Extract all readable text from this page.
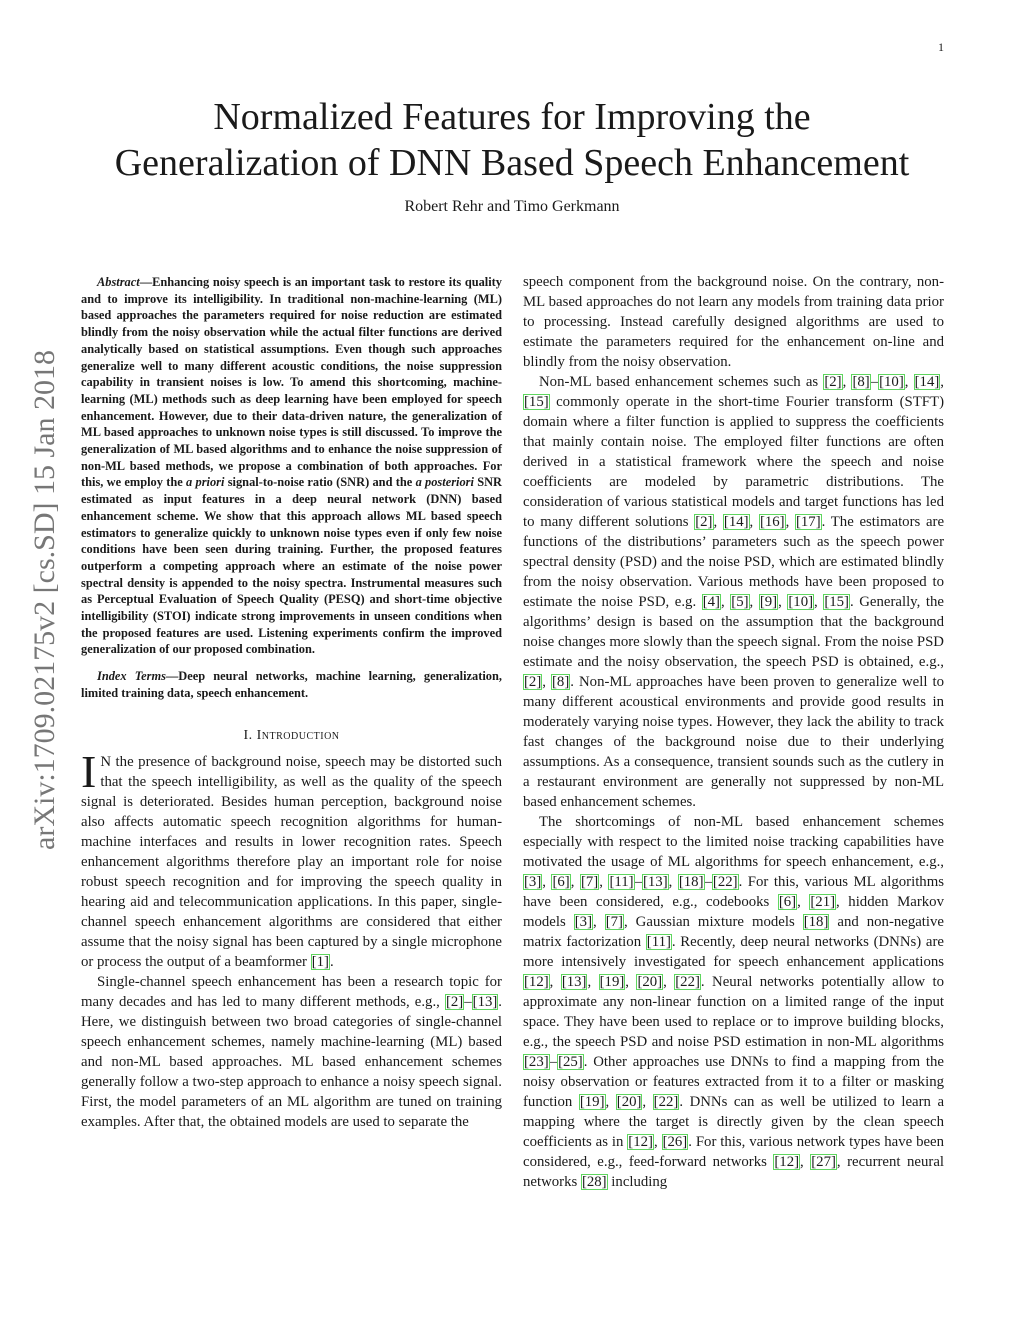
1
arXiv:1709.02175v2 [cs.SD] 15 Jan 2018
Normalized Features for Improving the
Generalization of DNN Based Speech Enhancement
Robert Rehr and Timo Gerkmann

Abstract—Enhancing noisy speech is an important task to restore its quality and to improve its intelligibility. In traditional non-machine-learning (ML) based approaches the parameters required for noise reduction are estimated blindly from the noisy observation while the actual filter functions are derived analytically based on statistical assumptions. Even though such approaches generalize well to many different acoustic conditions, the noise suppression capability in transient noises is low. To amend this shortcoming, machine-learning (ML) methods such as deep learning have been employed for speech enhancement. However, due to their data-driven nature, the generalization of ML based approaches to unknown noise types is still discussed. To improve the generalization of ML based algorithms and to enhance the noise suppression of non-ML based methods, we propose a combination of both approaches. For this, we employ the a priori signal-to-noise ratio (SNR) and the a posteriori SNR estimated as input features in a deep neural network (DNN) based enhancement scheme. We show that this approach allows ML based speech estimators to generalize quickly to unknown noise types even if only few noise conditions have been seen during training. Further, the proposed features outperform a competing approach where an estimate of the noise power spectral density is appended to the noisy spectra. Instrumental measures such as Perceptual Evaluation of Speech Quality (PESQ) and short-time objective intelligibility (STOI) indicate strong improvements in unseen conditions when the proposed features are used. Listening experiments confirm the improved generalization of our proposed combination.

Index Terms—Deep neural networks, machine learning, generalization, limited training data, speech enhancement.

I. Introduction

I N the presence of background noise, speech may be distorted such that the speech intelligibility, as well as the quality of the speech signal is deteriorated. Besides human perception, background noise also affects automatic speech recognition algorithms for human-machine interfaces and results in lower recognition rates. Speech enhancement algorithms therefore play an important role for noise robust speech recognition and for improving the speech quality in hearing aid and telecommunication applications. In this paper, single-channel speech enhancement algorithms are considered that either assume that the noisy signal has been captured by a single microphone or process the output of a beamformer [1].

Single-channel speech enhancement has been a research topic for many decades and has led to many different methods, e.g., [2]–[13]. Here, we distinguish between two broad categories of single-channel speech enhancement schemes, namely machine-learning (ML) based and non-ML based approaches. ML based enhancement schemes generally follow a two-step approach to enhance a noisy speech signal. First, the model parameters of an ML algorithm are tuned on training examples. After that, the obtained models are used to separate the

speech component from the background noise. On the contrary, non-ML based approaches do not learn any models from training data prior to processing. Instead carefully designed algorithms are used to estimate the parameters required for the enhancement on-line and blindly from the noisy observation.

Non-ML based enhancement schemes such as [2], [8]–[10], [14], [15] commonly operate in the short-time Fourier transform (STFT) domain where a filter function is applied to suppress the coefficients that mainly contain noise. The employed filter functions are often derived in a statistical framework where the speech and noise coefficients are modeled by parametric distributions. The consideration of various statistical models and target functions has led to many different solutions [2], [14], [16], [17]. The estimators are functions of the distributions’ parameters such as the speech power spectral density (PSD) and the noise PSD, which are estimated blindly from the noisy observation. Various methods have been proposed to estimate the noise PSD, e.g. [4], [5], [9], [10], [15]. Generally, the algorithms’ design is based on the assumption that the background noise changes more slowly than the speech signal. From the noise PSD estimate and the noisy observation, the speech PSD is obtained, e.g., [2], [8]. Non-ML approaches have been proven to generalize well to many different acoustical environments and provide good results in moderately varying noise types. However, they lack the ability to track fast changes of the background noise due to their underlying assumptions. As a consequence, transient sounds such as the cutlery in a restaurant environment are generally not suppressed by non-ML based enhancement schemes.

The shortcomings of non-ML based enhancement schemes especially with respect to the limited noise tracking capabilities have motivated the usage of ML algorithms for speech enhancement, e.g., [3], [6], [7], [11]–[13], [18]–[22]. For this, various ML algorithms have been considered, e.g., codebooks [6], [21], hidden Markov models [3], [7], Gaussian mixture models [18] and non-negative matrix factorization [11]. Recently, deep neural networks (DNNs) are more intensively investigated for speech enhancement applications [12], [13], [19], [20], [22]. Neural networks potentially allow to approximate any non-linear function on a limited range of the input space. They have been used to replace or to improve building blocks, e.g., the speech PSD and noise PSD estimation in non-ML algorithms [23]–[25]. Other approaches use DNNs to find a mapping from the noisy observation or features extracted from it to a filter or masking function [19], [20], [22]. DNNs can as well be utilized to learn a mapping where the target is directly given by the clean speech coefficients as in [12], [26]. For this, various network types have been considered, e.g., feed-forward networks [12], [27], recurrent neural networks [28] including
